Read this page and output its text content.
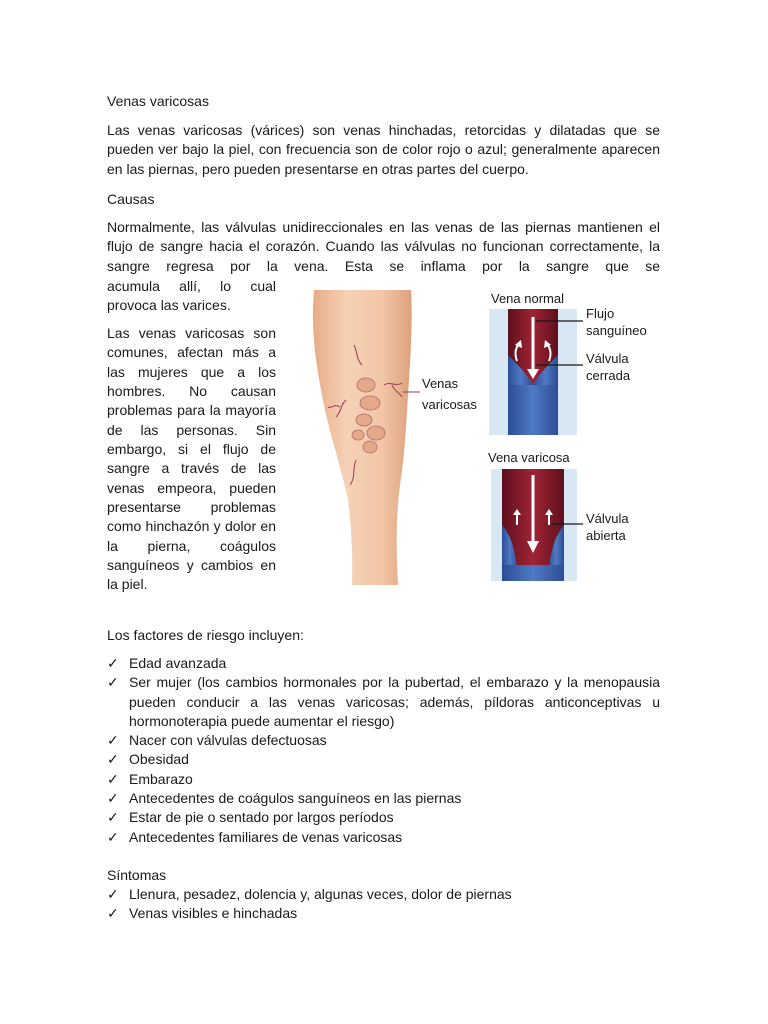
Venas varicosas

Las venas varicosas (várices) son venas hinchadas, retorcidas y dilatadas que se pueden ver bajo la piel, con frecuencia son de color rojo o azul; generalmente aparecen en las piernas, pero pueden presentarse en otras partes del cuerpo.

Causas

Normalmente, las válvulas unidireccionales en las venas de las piernas mantienen el flujo de sangre hacia el corazón. Cuando las válvulas no funcionan correctamente, la sangre regresa por la vena. Esta se inflama por la sangre que se

acumula allí, lo cual provoca las varices.

Las venas varicosas son comunes, afectan más a las mujeres que a los hombres. No causan problemas para la mayoría de las personas. Sin embargo, si el flujo de sangre a través de las venas empeora, pueden presentarse problemas como hinchazón y dolor en la pierna, coágulos sanguíneos y cambios en la piel.

Venas
varicosas
Vena normal
Flujo
sanguíneo
Válvula
cerrada
Vena varicosa
Válvula
abierta

Los factores de riesgo incluyen:

✓ Edad avanzada
✓ Ser mujer (los cambios hormonales por la pubertad, el embarazo y la menopausia pueden conducir a las venas varicosas; además, píldoras anticonceptivas u hormonoterapia puede aumentar el riesgo)
✓ Nacer con válvulas defectuosas
✓ Obesidad
✓ Embarazo
✓ Antecedentes de coágulos sanguíneos en las piernas
✓ Estar de pie o sentado por largos períodos
✓ Antecedentes familiares de venas varicosas

Síntomas

✓ Llenura, pesadez, dolencia y, algunas veces, dolor de piernas
✓ Venas visibles e hinchadas
